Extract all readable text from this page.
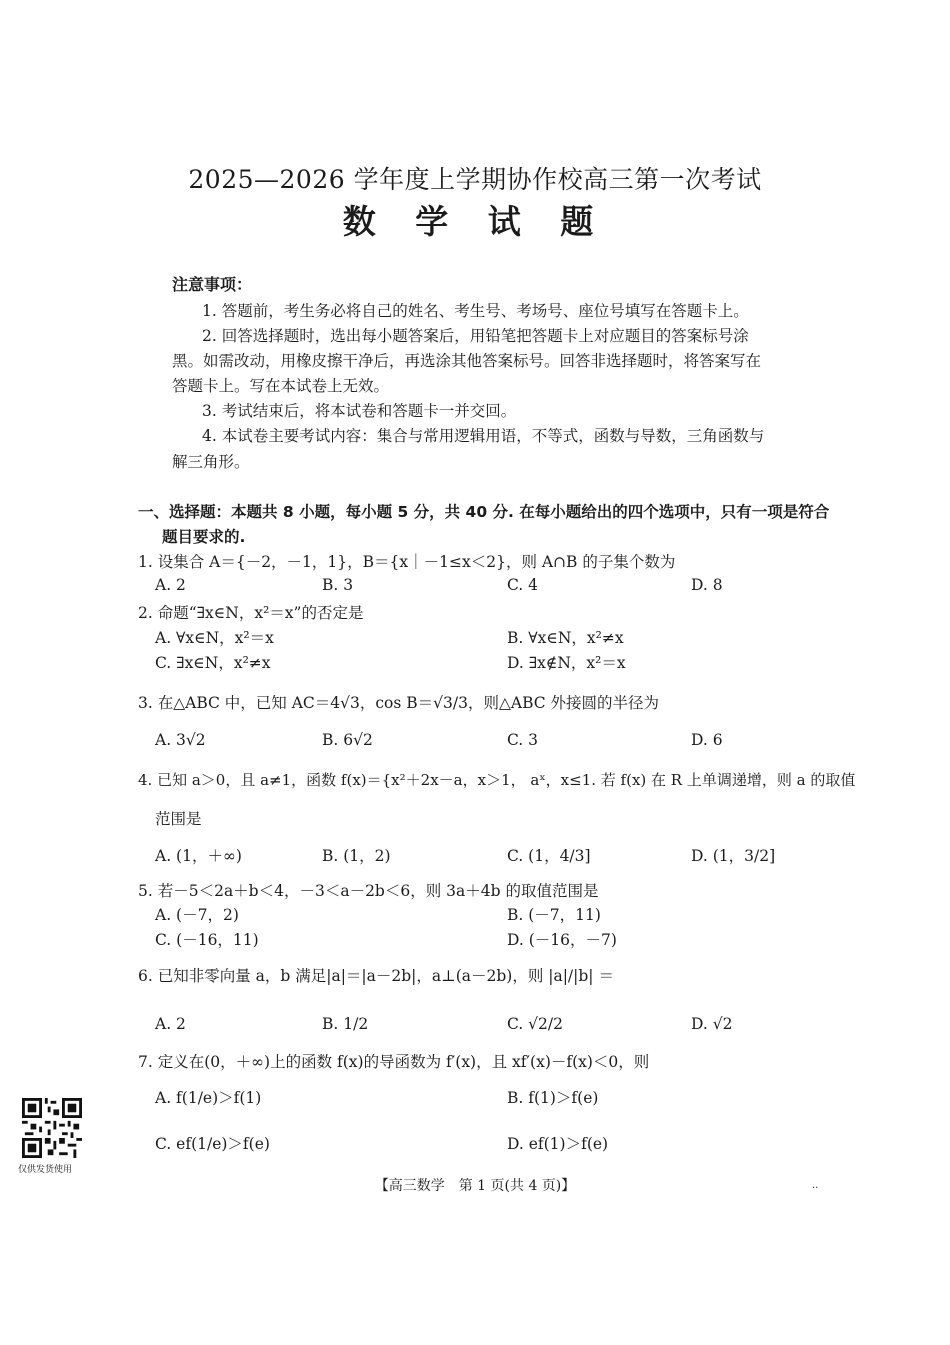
2025—2026 学年度上学期协作校高三第一次考试
数 学 试 题
注意事项：
1. 答题前，考生务必将自己的姓名、考生号、考场号、座位号填写在答题卡上。
2. 回答选择题时，选出每小题答案后，用铅笔把答题卡上对应题目的答案标号涂
黑。如需改动，用橡皮擦干净后，再选涂其他答案标号。回答非选择题时，将答案写在
答题卡上。写在本试卷上无效。
3. 考试结束后，将本试卷和答题卡一并交回。
4. 本试卷主要考试内容：集合与常用逻辑用语，不等式，函数与导数，三角函数与
解三角形。
一、选择题：本题共 8 小题，每小题 5 分，共 40 分. 在每小题给出的四个选项中，只有一项是符合
题目要求的.
1. 设集合 A＝{－2，－1，1}，B＝{x｜－1≤x＜2}，则 A∩B 的子集个数为
A. 2	B. 3	C. 4	D. 8
2. 命题“∃x∈N，x²＝x”的否定是
A. ∀x∈N，x²＝x	B. ∀x∈N，x²≠x
C. ∃x∈N，x²≠x	D. ∃x∉N，x²＝x
3. 在△ABC 中，已知 AC＝4√3，cos B＝√3/3，则△ABC 外接圆的半径为
A. 3√2	B. 6√2	C. 3	D. 6
4. 已知 a＞0，且 a≠1，函数 f(x)＝{x²＋2x－a，x＞1， aˣ，x≤1. 若 f(x) 在 R 上单调递增，则 a 的取值
范围是
A. (1，＋∞)	B. (1，2)	C. (1，4/3]	D. (1，3/2]
5. 若－5＜2a＋b＜4，－3＜a－2b＜6，则 3a＋4b 的取值范围是
A. (－7，2)	B. (－7，11)
C. (－16，11)	D. (－16，－7)
6. 已知非零向量 a，b 满足|a|＝|a－2b|，a⊥(a－2b)，则 |a|/|b| ＝
A. 2	B. 1/2	C. √2/2	D. √2
7. 定义在(0，＋∞)上的函数 f(x)的导函数为 f′(x)，且 xf′(x)－f(x)＜0，则
A. f(1/e)＞f(1)	B. f(1)＞f(e)
C. ef(1/e)＞f(e)	D. ef(1)＞f(e)
仅供发货使用
【高三数学　第 1 页(共 4 页)】	..
